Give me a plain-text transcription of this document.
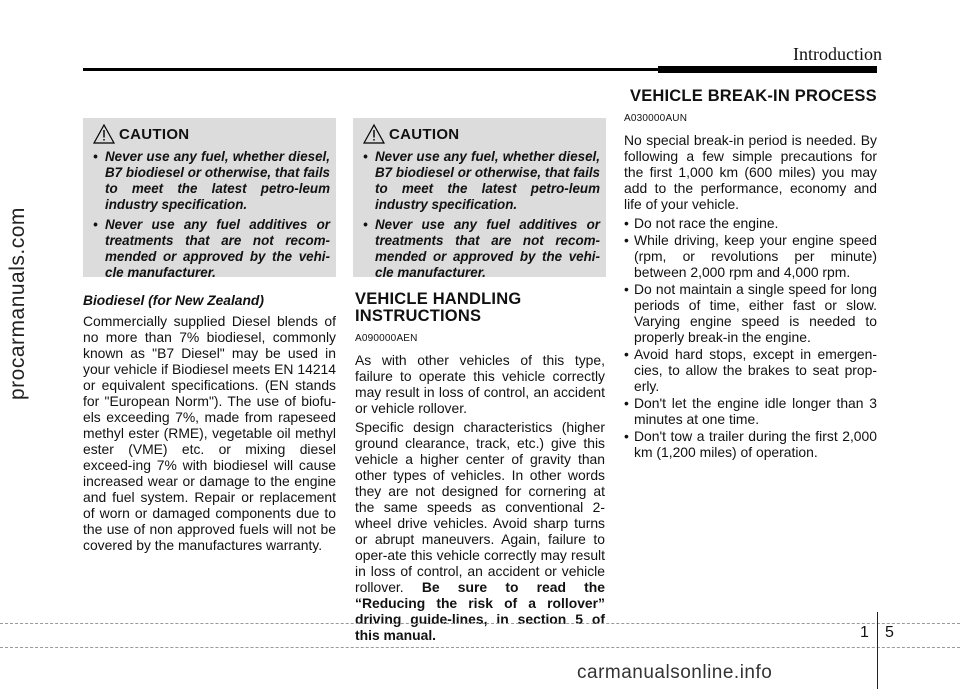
Introduction
procarmanuals.com
CAUTION
• Never use any fuel, whether diesel, B7 biodiesel or otherwise, that fails to meet the latest petro-leum industry specification.
• Never use any fuel additives or treatments that are not recom-mended or approved by the vehi-cle manufacturer.
CAUTION
• Never use any fuel, whether diesel, B7 biodiesel or otherwise, that fails to meet the latest petro-leum industry specification.
• Never use any fuel additives or treatments that are not recom-mended or approved by the vehi-cle manufacturer.
Biodiesel (for New Zealand)

Commercially supplied Diesel blends of no more than 7% biodiesel, commonly known as "B7 Diesel" may be used in your vehicle if Biodiesel meets EN 14214 or equivalent specifications. (EN stands for "European Norm"). The use of biofu-els exceeding 7%, made from rapeseed methyl ester (RME), vegetable oil methyl ester (VME) etc. or mixing diesel exceed-ing 7% with biodiesel will cause increased wear or damage to the engine and fuel system. Repair or replacement of worn or damaged components due to the use of non approved fuels will not be covered by the manufactures warranty.

VEHICLE HANDLING
INSTRUCTIONS
A090000AEN

As with other vehicles of this type, failure to operate this vehicle correctly may result in loss of control, an accident or vehicle rollover.

Specific design characteristics (higher ground clearance, track, etc.) give this vehicle a higher center of gravity than other types of vehicles. In other words they are not designed for cornering at the same speeds as conventional 2-wheel drive vehicles. Avoid sharp turns or abrupt maneuvers. Again, failure to oper-ate this vehicle correctly may result in loss of control, an accident or vehicle rollover. Be sure to read the “Reducing the risk of a rollover” driving guide-lines, in section 5 of this manual.

VEHICLE BREAK-IN PROCESS
A030000AUN

No special break-in period is needed. By following a few simple precautions for the first 1,000 km (600 miles) you may add to the performance, economy and life of your vehicle.

• Do not race the engine.
• While driving, keep your engine speed (rpm, or revolutions per minute) between 2,000 rpm and 4,000 rpm.
• Do not maintain a single speed for long periods of time, either fast or slow. Varying engine speed is needed to properly break-in the engine.
• Avoid hard stops, except in emergen-cies, to allow the brakes to seat prop-erly.
• Don't let the engine idle longer than 3 minutes at one time.
• Don't tow a trailer during the first 2,000 km (1,200 miles) of operation.
1 5
carmanualsonline.info
